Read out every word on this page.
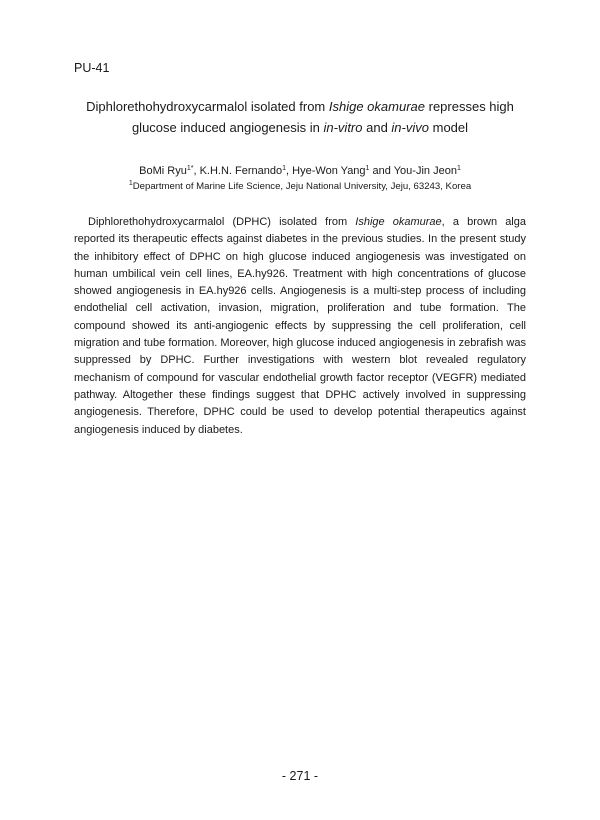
PU-41
Diphlorethohydroxycarmalol isolated from Ishige okamurae represses high
glucose induced angiogenesis in in-vitro and in-vivo model
BoMi Ryu$^{1*}$, K.H.N. Fernando$^1$, Hye-Won Yang$^1$ and You-Jin Jeon$^1$
$^1$Department of Marine Life Science, Jeju National University, Jeju, 63243, Korea

Diphlorethohydroxycarmalol (DPHC) isolated from Ishige okamurae, a brown alga reported its therapeutic effects against diabetes in the previous studies. In the present study the inhibitory effect of DPHC on high glucose induced angiogenesis was investigated on human umbilical vein cell lines, EA.hy926. Treatment with high concentrations of glucose showed angiogenesis in EA.hy926 cells. Angiogenesis is a multi-step process of including endothelial cell activation, invasion, migration, proliferation and tube formation. The compound showed its anti-angiogenic effects by suppressing the cell proliferation, cell migration and tube formation. Moreover, high glucose induced angiogenesis in zebrafish was suppressed by DPHC. Further investigations with western blot revealed regulatory mechanism of compound for vascular endothelial growth factor receptor (VEGFR) mediated pathway. Altogether these findings suggest that DPHC actively involved in suppressing angiogenesis. Therefore, DPHC could be used to develop potential therapeutics against angiogenesis induced by diabetes.

- 271 -
